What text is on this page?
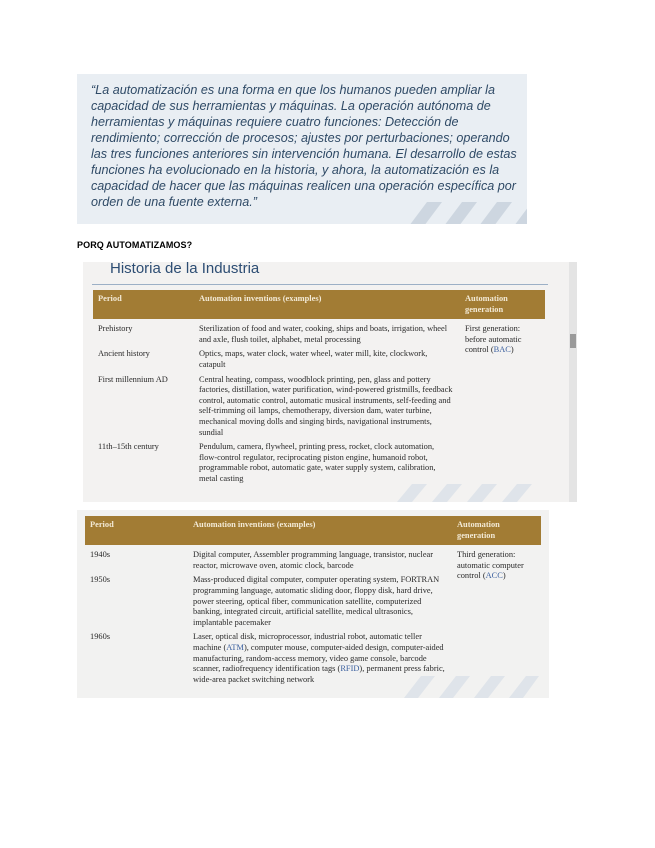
“La automatización es una forma en que los humanos pueden ampliar la capacidad de sus herramientas y máquinas. La operación autónoma de herramientas y máquinas requiere cuatro funciones: Detección de rendimiento; corrección de procesos; ajustes por perturbaciones; operando las tres funciones anteriores sin intervención humana. El desarrollo de estas funciones ha evolucionado en la historia, y ahora, la automatización es la capacidad de hacer que las máquinas realicen una operación específica por orden de una fuente externa.”
PORQ AUTOMATIZAMOS?
Historia de la Industria
Period	Automation inventions (examples)	Automation generation
Prehistory	Sterilization of food and water, cooking, ships and boats, irrigation, wheel and axle, flush toilet, alphabet, metal processing	First generation: before automatic control (BAC)
Ancient history	Optics, maps, water clock, water wheel, water mill, kite, clockwork, catapult	
First millennium AD	Central heating, compass, woodblock printing, pen, glass and pottery factories, distillation, water purification, wind-powered gristmills, feedback control, automatic control, automatic musical instruments, self-feeding and self-trimming oil lamps, chemotherapy, diversion dam, water turbine, mechanical moving dolls and singing birds, navigational instruments, sundial	
11th–15th century	Pendulum, camera, flywheel, printing press, rocket, clock automation, flow-control regulator, reciprocating piston engine, humanoid robot, programmable robot, automatic gate, water supply system, calibration, metal casting	
Period	Automation inventions (examples)	Automation generation
1940s	Digital computer, Assembler programming language, transistor, nuclear reactor, microwave oven, atomic clock, barcode	Third generation: automatic computer control (ACC)
1950s	Mass-produced digital computer, computer operating system, FORTRAN programming language, automatic sliding door, floppy disk, hard drive, power steering, optical fiber, communication satellite, computerized banking, integrated circuit, artificial satellite, medical ultrasonics, implantable pacemaker	
1960s	Laser, optical disk, microprocessor, industrial robot, automatic teller machine (ATM), computer mouse, computer-aided design, computer-aided manufacturing, random-access memory, video game console, barcode scanner, radiofrequency identification tags (RFID), permanent press fabric, wide-area packet switching network	
